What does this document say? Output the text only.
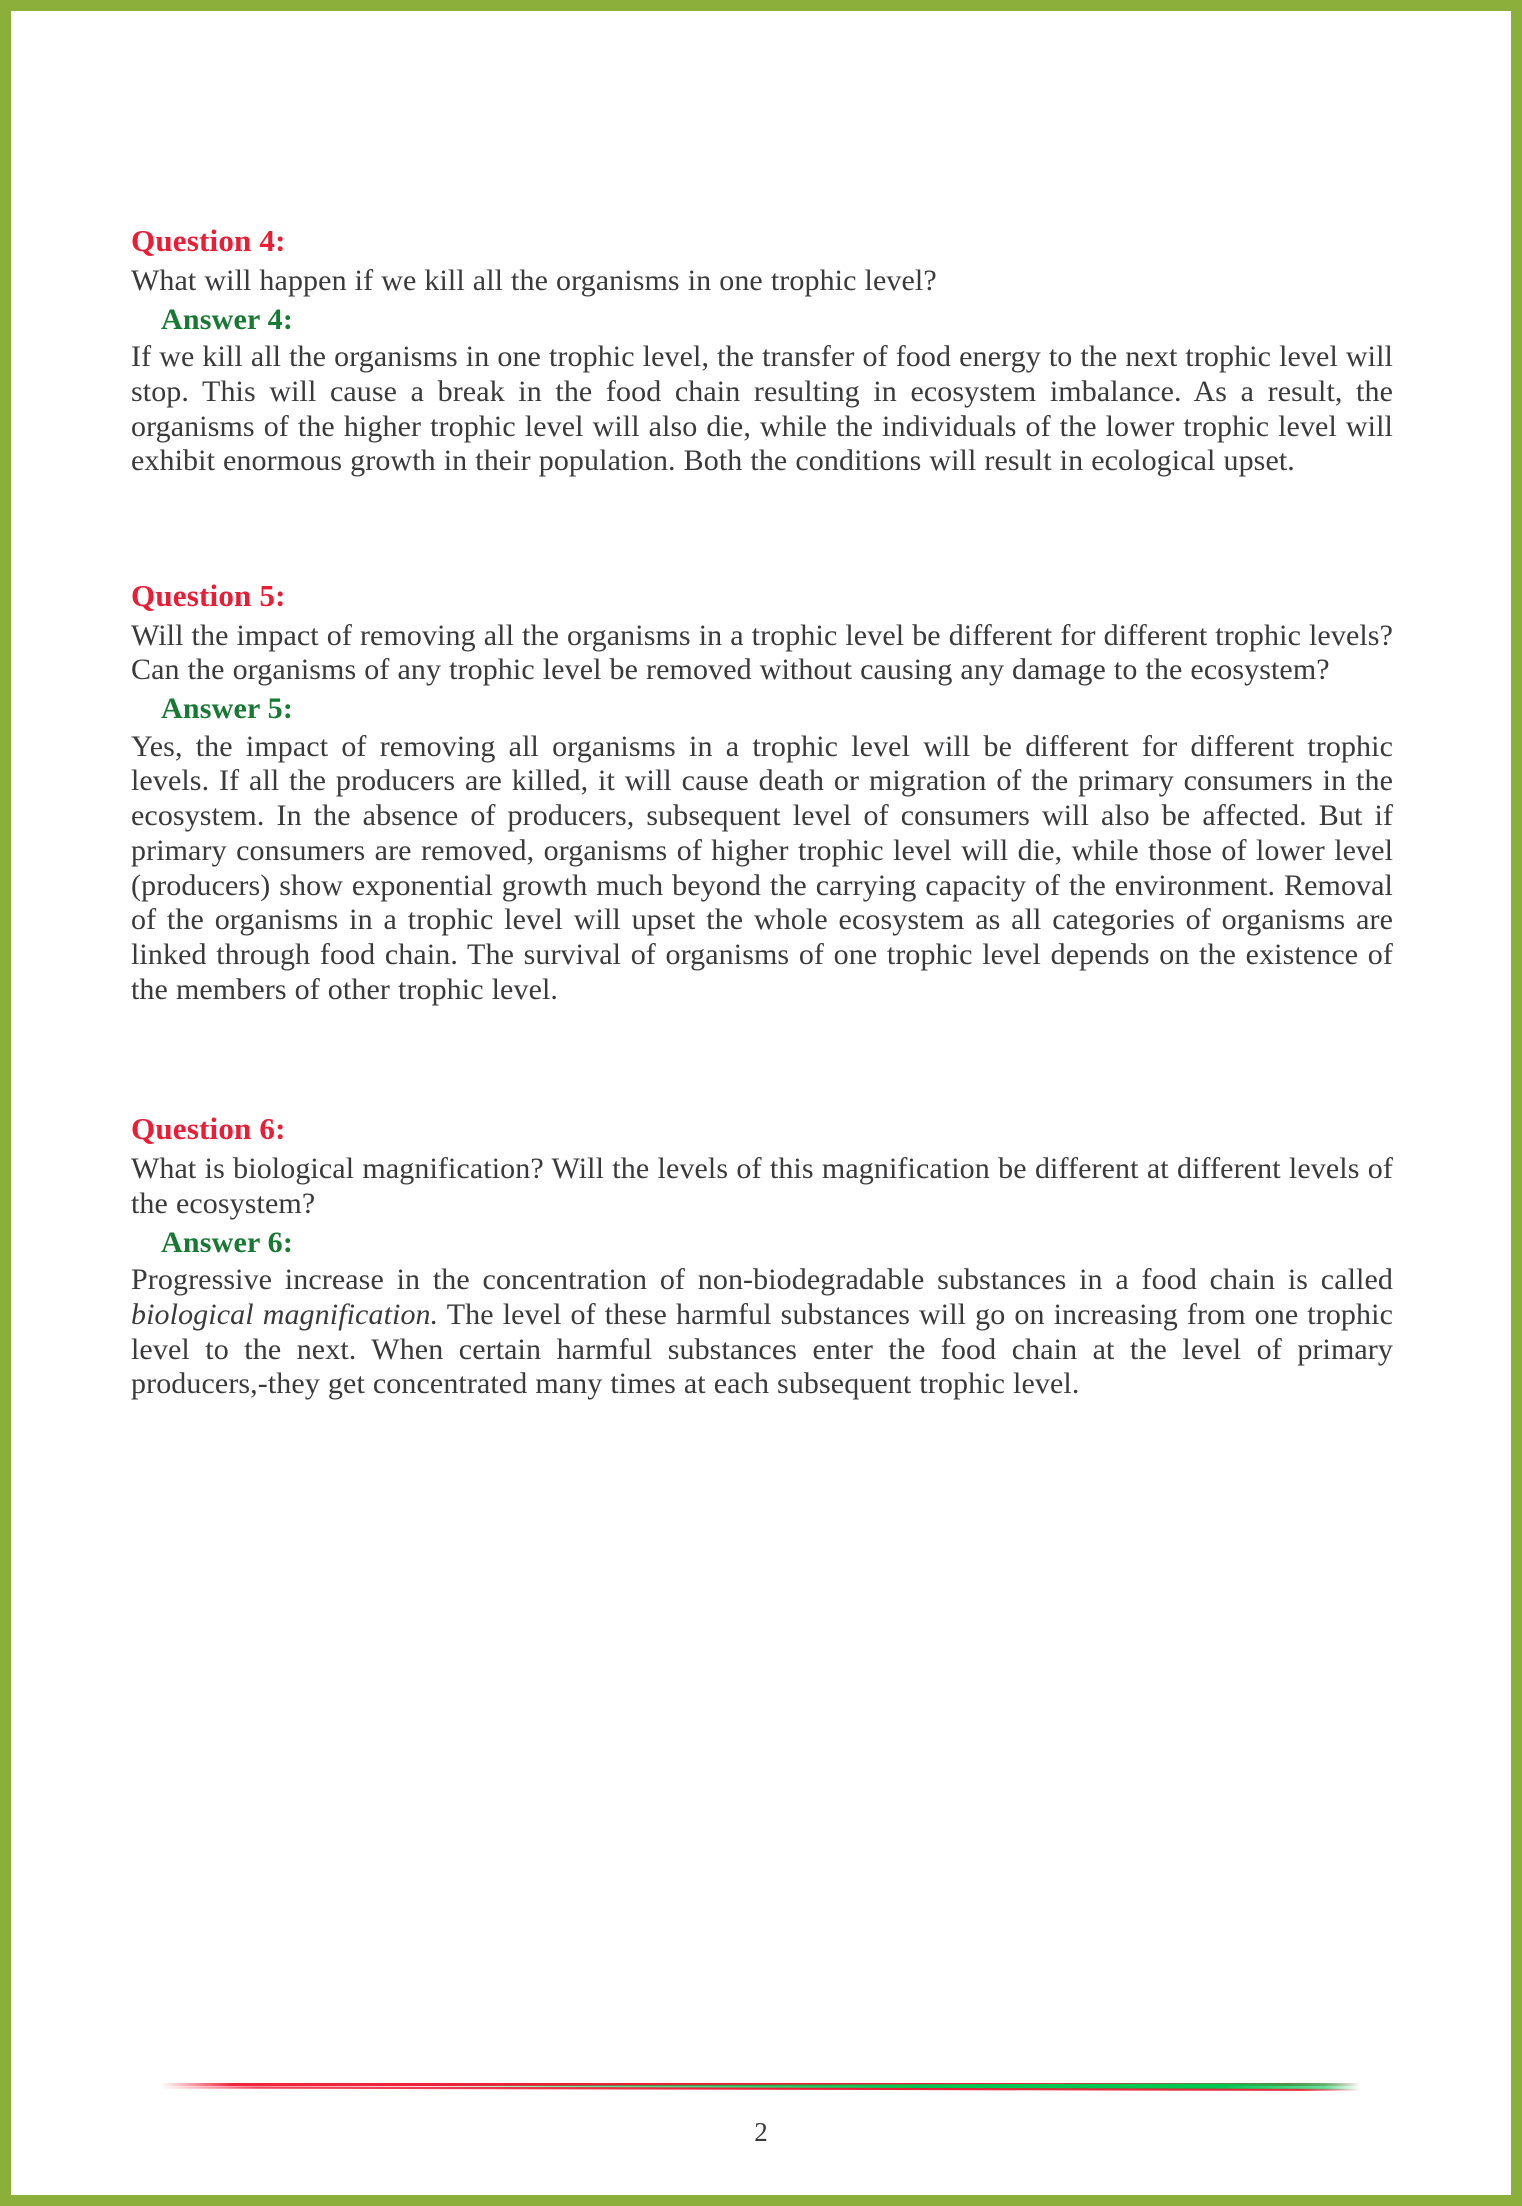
Question 4:

What will happen if we kill all the organisms in one trophic level?

Answer 4:

If we kill all the organisms in one trophic level, the transfer of food energy to the next trophic level will stop. This will cause a break in the food chain resulting in ecosystem imbalance. As a result, the organisms of the higher trophic level will also die, while the individuals of the lower trophic level will exhibit enormous growth in their population. Both the conditions will result in ecological upset.

Question 5:

Will the impact of removing all the organisms in a trophic level be different for different trophic levels? Can the organisms of any trophic level be removed without causing any damage to the ecosystem?

Answer 5:

Yes, the impact of removing all organisms in a trophic level will be different for different trophic levels. If all the producers are killed, it will cause death or migration of the primary consumers in the ecosystem. In the absence of producers, subsequent level of consumers will also be affected. But if primary consumers are removed, organisms of higher trophic level will die, while those of lower level (producers) show exponential growth much beyond the carrying capacity of the environment. Removal of the organisms in a trophic level will upset the whole ecosystem as all categories of organisms are linked through food chain. The survival of organisms of one trophic level depends on the existence of the members of other trophic level.

Question 6:

What is biological magnification? Will the levels of this magnification be different at different levels of the ecosystem?

Answer 6:

Progressive increase in the concentration of non-biodegradable substances in a food chain is called biological magnification. The level of these harmful substances will go on increasing from one trophic level to the next. When certain harmful substances enter the food chain at the level of primary producers,-they get concentrated many times at each subsequent trophic level.

2
